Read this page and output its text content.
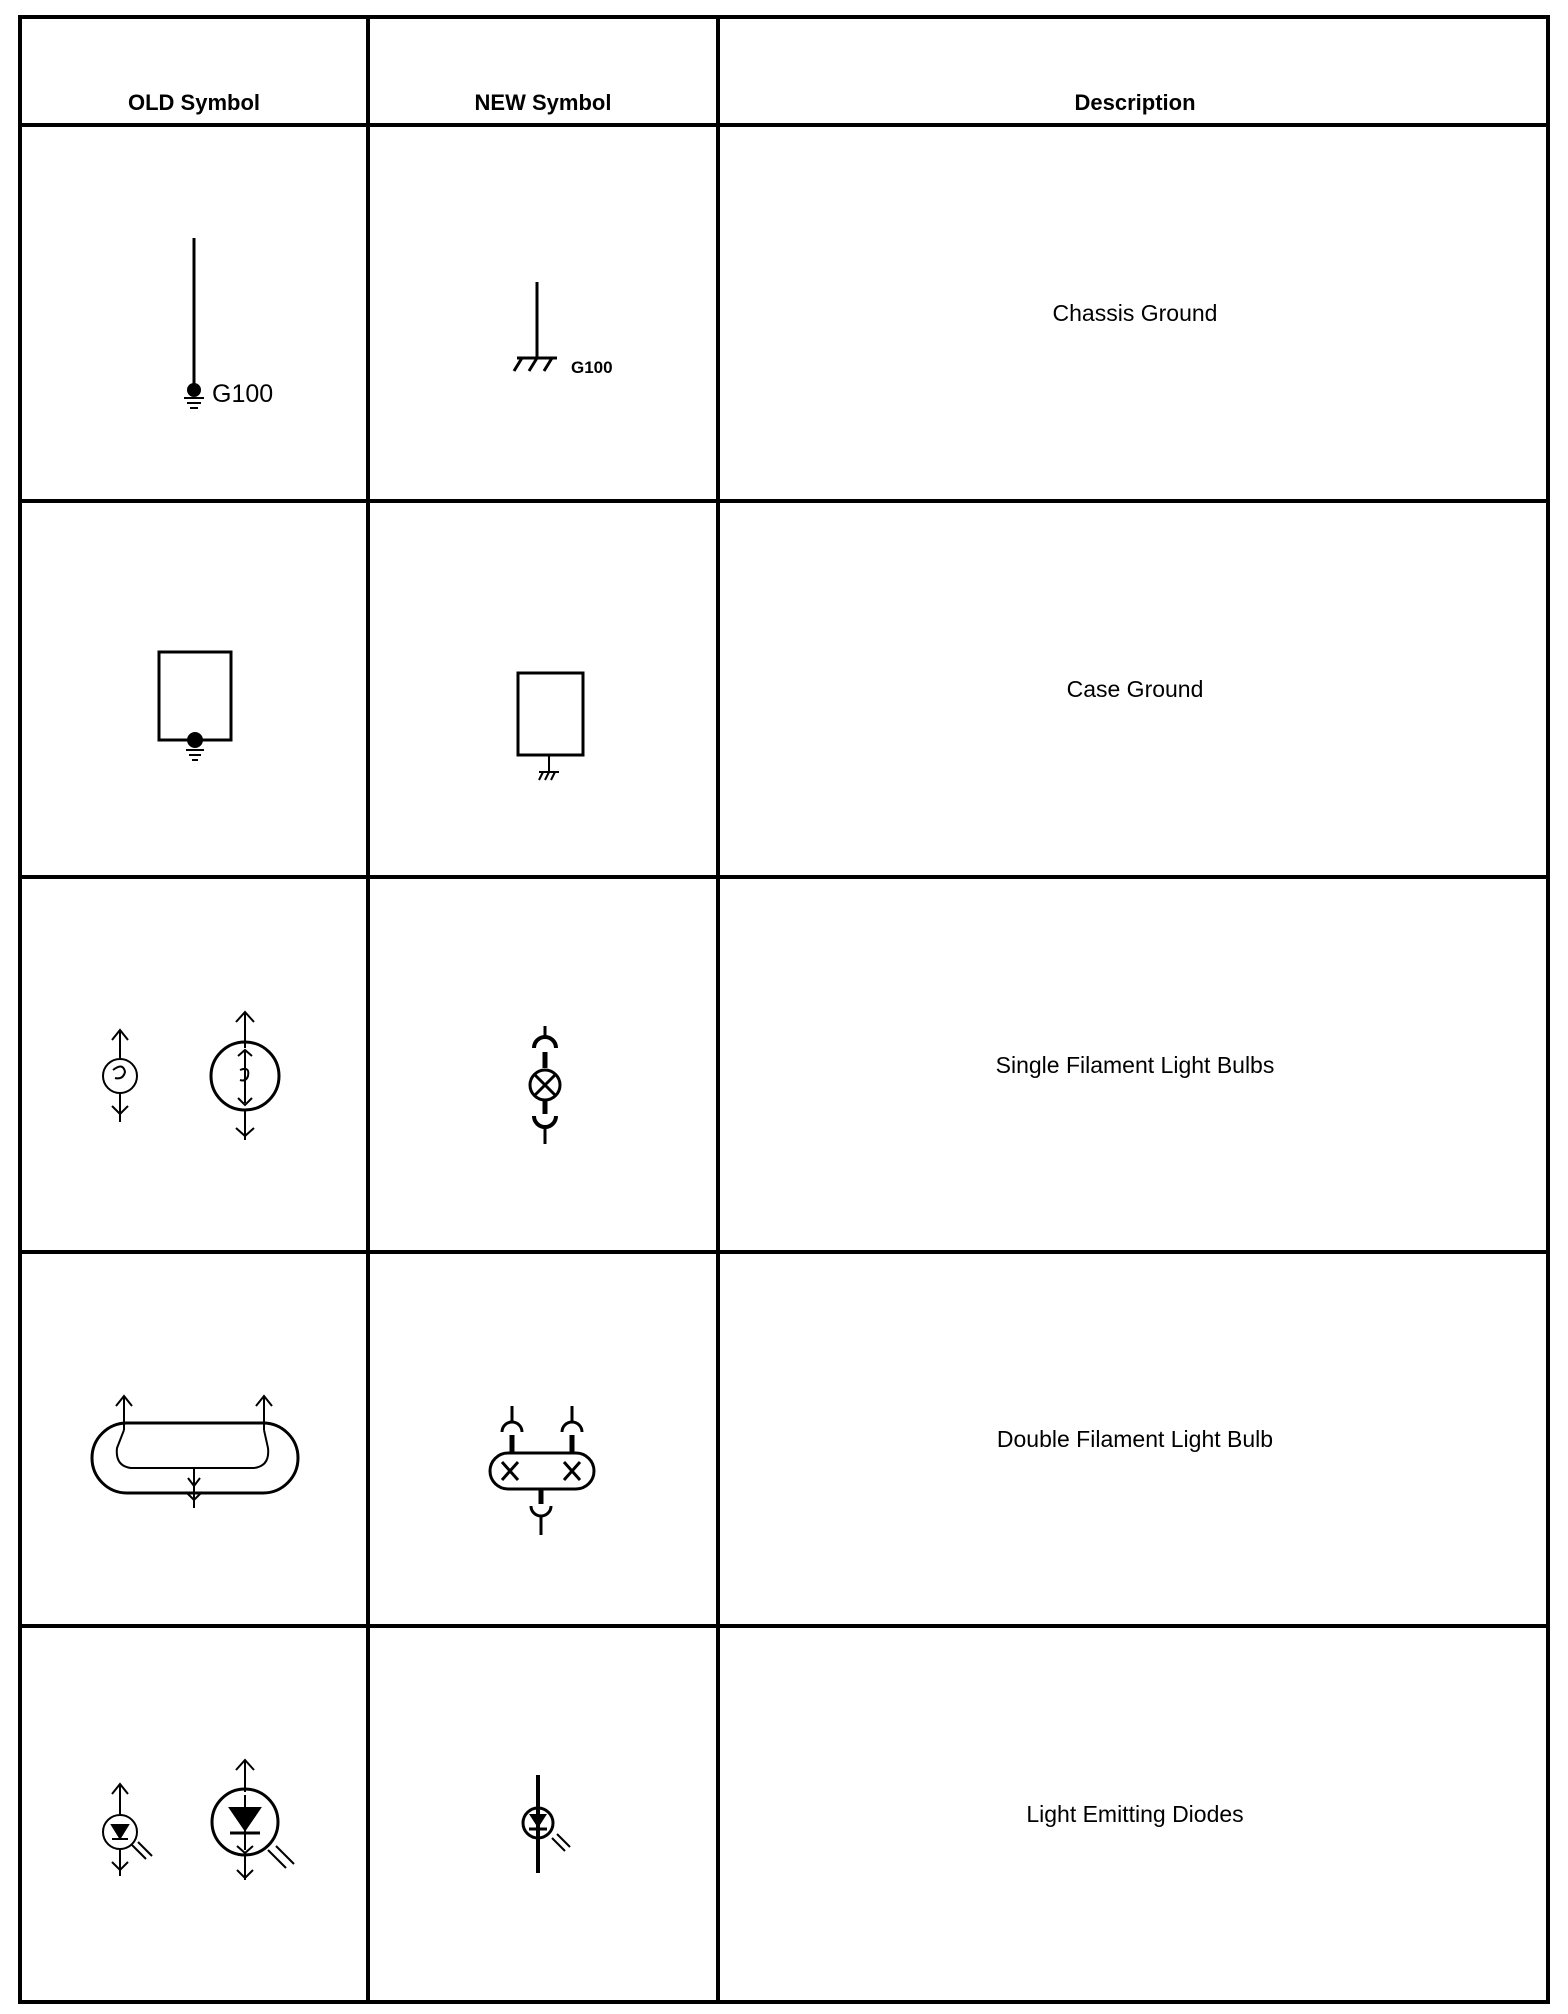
G100
G100
OLD Symbol	NEW Symbol	Description
Chassis Ground
Case Ground
Single Filament Light Bulbs
Double Filament Light Bulb
Light Emitting Diodes
